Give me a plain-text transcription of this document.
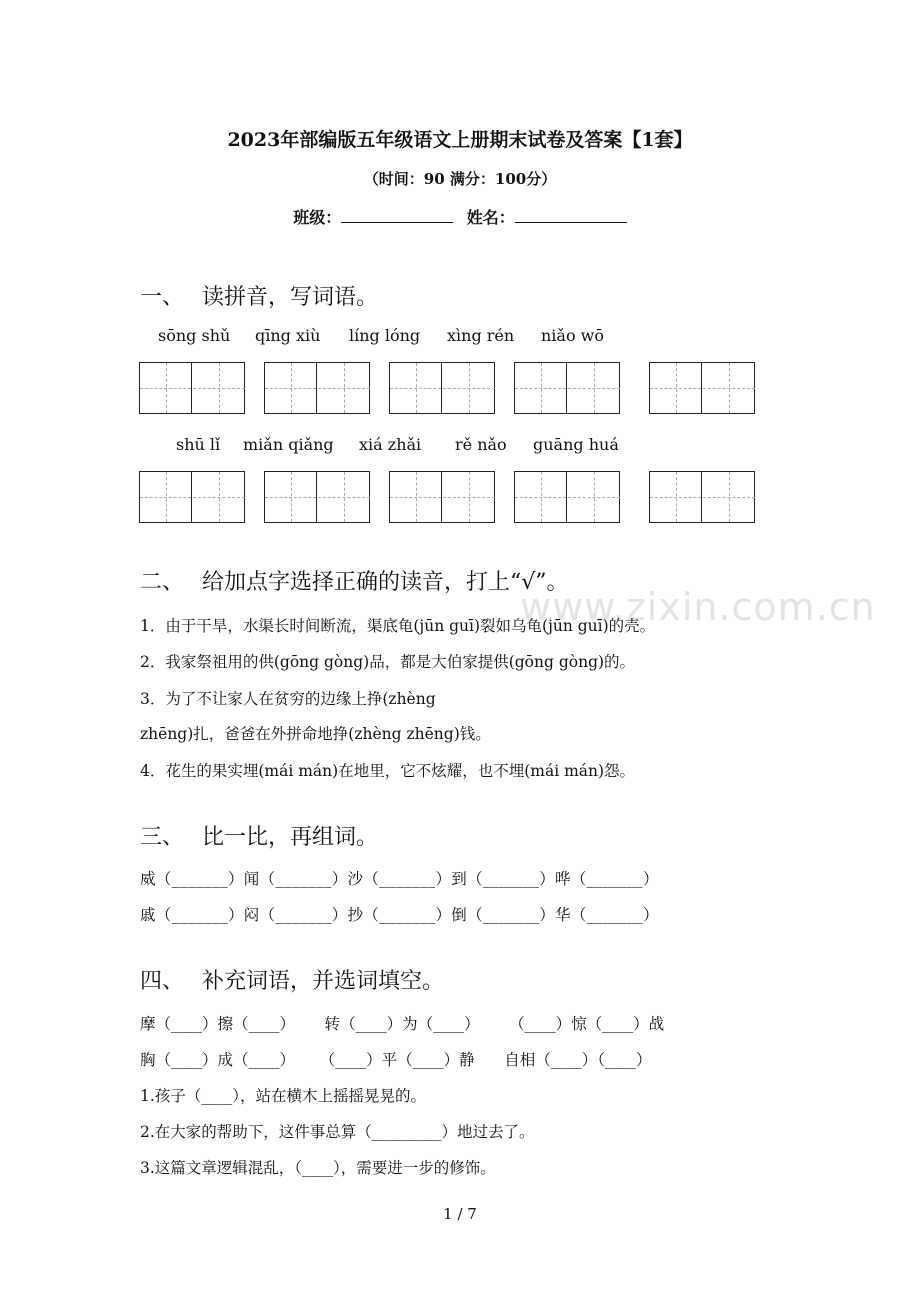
www.zixin.com.cn
2023年部编版五年级语文上册期末试卷及答案【1套】
（时间：90 满分：100分）
班级：	姓名：
一、 读拼音，写词语。
sōng shǔ qīng xiù líng lóng xìng rén niǎo wō
shū lǐ miǎn qiǎng xiá zhǎi rě nǎo guāng huá
二、 给加点字选择正确的读音，打上“√”。
1．由于干旱，水渠长时间断流，渠底龟(jūn guī)裂如乌龟(jūn guī)的壳。
2．我家祭祖用的供(gōng gòng)品，都是大伯家提供(gōng gòng)的。
3．为了不让家人在贫穷的边缘上挣(zhèng
zhēng)扎，爸爸在外拼命地挣(zhèng zhēng)钱。
4．花生的果实埋(mái mán)在地里，它不炫耀，也不埋(mái mán)怨。
三、 比一比，再组词。
威（_______）闻（_______）沙（_______）到（_______）哗（_______）
戚（_______）闷（_______）抄（_______）倒（_______）华（_______）
四、 补充词语，并选词填空。
摩（____）擦（____）      转（____）为（____）      （____）惊（____）战
胸（____）成（____）     （____）平（____）静      自相（____）（____）
1.孩子（____），站在横木上摇摇晃晃的。
2.在大家的帮助下，这件事总算（_________）地过去了。
3.这篇文章逻辑混乱，（____），需要进一步的修饰。
1 / 7
